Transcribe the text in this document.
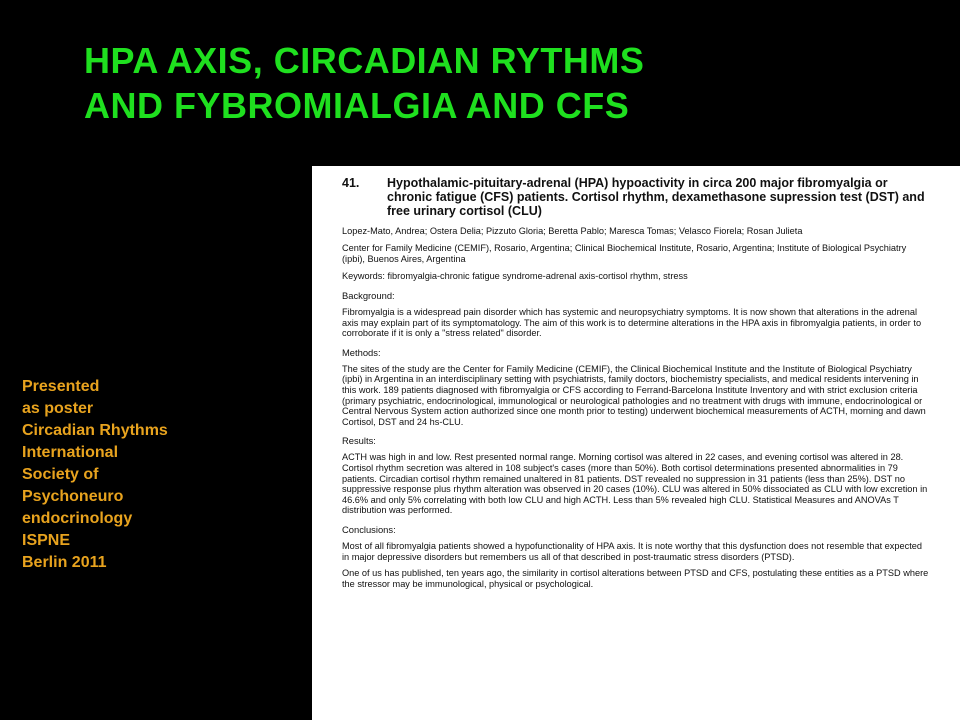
HPA AXIS, CIRCADIAN RYTHMS
AND FYBROMIALGIA AND CFS
Presented
as poster
Circadian Rhythms
International
Society of
Psychoneuro
endocrinology
ISPNE
Berlin 2011
41.	Hypothalamic-pituitary-adrenal (HPA) hypoactivity in circa 200 major fibromyalgia or chronic fatigue (CFS) patients. Cortisol rhythm, dexamethasone supression test (DST) and free urinary cortisol (CLU)
Lopez-Mato, Andrea; Ostera Delia; Pizzuto Gloria; Beretta Pablo; Maresca Tomas; Velasco Fiorela; Rosan Julieta
Center for Family Medicine (CEMIF), Rosario, Argentina; Clinical Biochemical Institute, Rosario, Argentina; Institute of Biological Psychiatry (ipbi), Buenos Aires, Argentina
Keywords: fibromyalgia-chronic fatigue syndrome-adrenal axis-cortisol rhythm, stress
Background:
Fibromyalgia is a widespread pain disorder which has systemic and neuropsychiatry symptoms. It is now shown that alterations in the adrenal axis may explain part of its symptomatology. The aim of this work is to determine alterations in the HPA axis in fibromyalgia patients, in order to corroborate if it is only a "stress related" disorder.
Methods:
The sites of the study are the Center for Family Medicine (CEMIF), the Clinical Biochemical Institute and the Institute of Biological Psychiatry (ipbi) in Argentina in an interdisciplinary setting with psychiatrists, family doctors, biochemistry specialists, and medical residents intervening in this work. 189 patients diagnosed with fibromyalgia or CFS according to Ferrand-Barcelona Institute Inventory and with strict exclusion criteria (primary psychiatric, endocrinological, immunological or neurological pathologies and no treatment with drugs with immune, endocrinological or Central Nervous System action authorized since one month prior to testing) underwent biochemical measurements of ACTH, morning and dawn Cortisol, DST and 24 hs-CLU.
Results:
ACTH was high in and low. Rest presented normal range. Morning cortisol was altered in 22 cases, and evening cortisol was altered in 28. Cortisol rhythm secretion was altered in 108 subject's cases (more than 50%). Both cortisol determinations presented abnormalities in 79 patients. Circadian cortisol rhythm remained unaltered in 81 patients. DST revealed no suppression in 31 patients (less than 25%). DST no suppressive response plus rhythm alteration was observed in 20 cases (10%). CLU was altered in 50% dissociated as CLU with low excretion in 46.6% and only 5% correlating with both low CLU and high ACTH. Less than 5% revealed high CLU. Statistical Measures and ANOVAs T distribution was performed.
Conclusions:
Most of all fibromyalgia patients showed a hypofunctionality of HPA axis. It is note worthy that this dysfunction does not resemble that expected in major depressive disorders but remembers us all of that described in post-traumatic stress disorders (PTSD).
One of us has published, ten years ago, the similarity in cortisol alterations between PTSD and CFS, postulating these entities as a PTSD where the stressor may be immunological, physical or psychological.
